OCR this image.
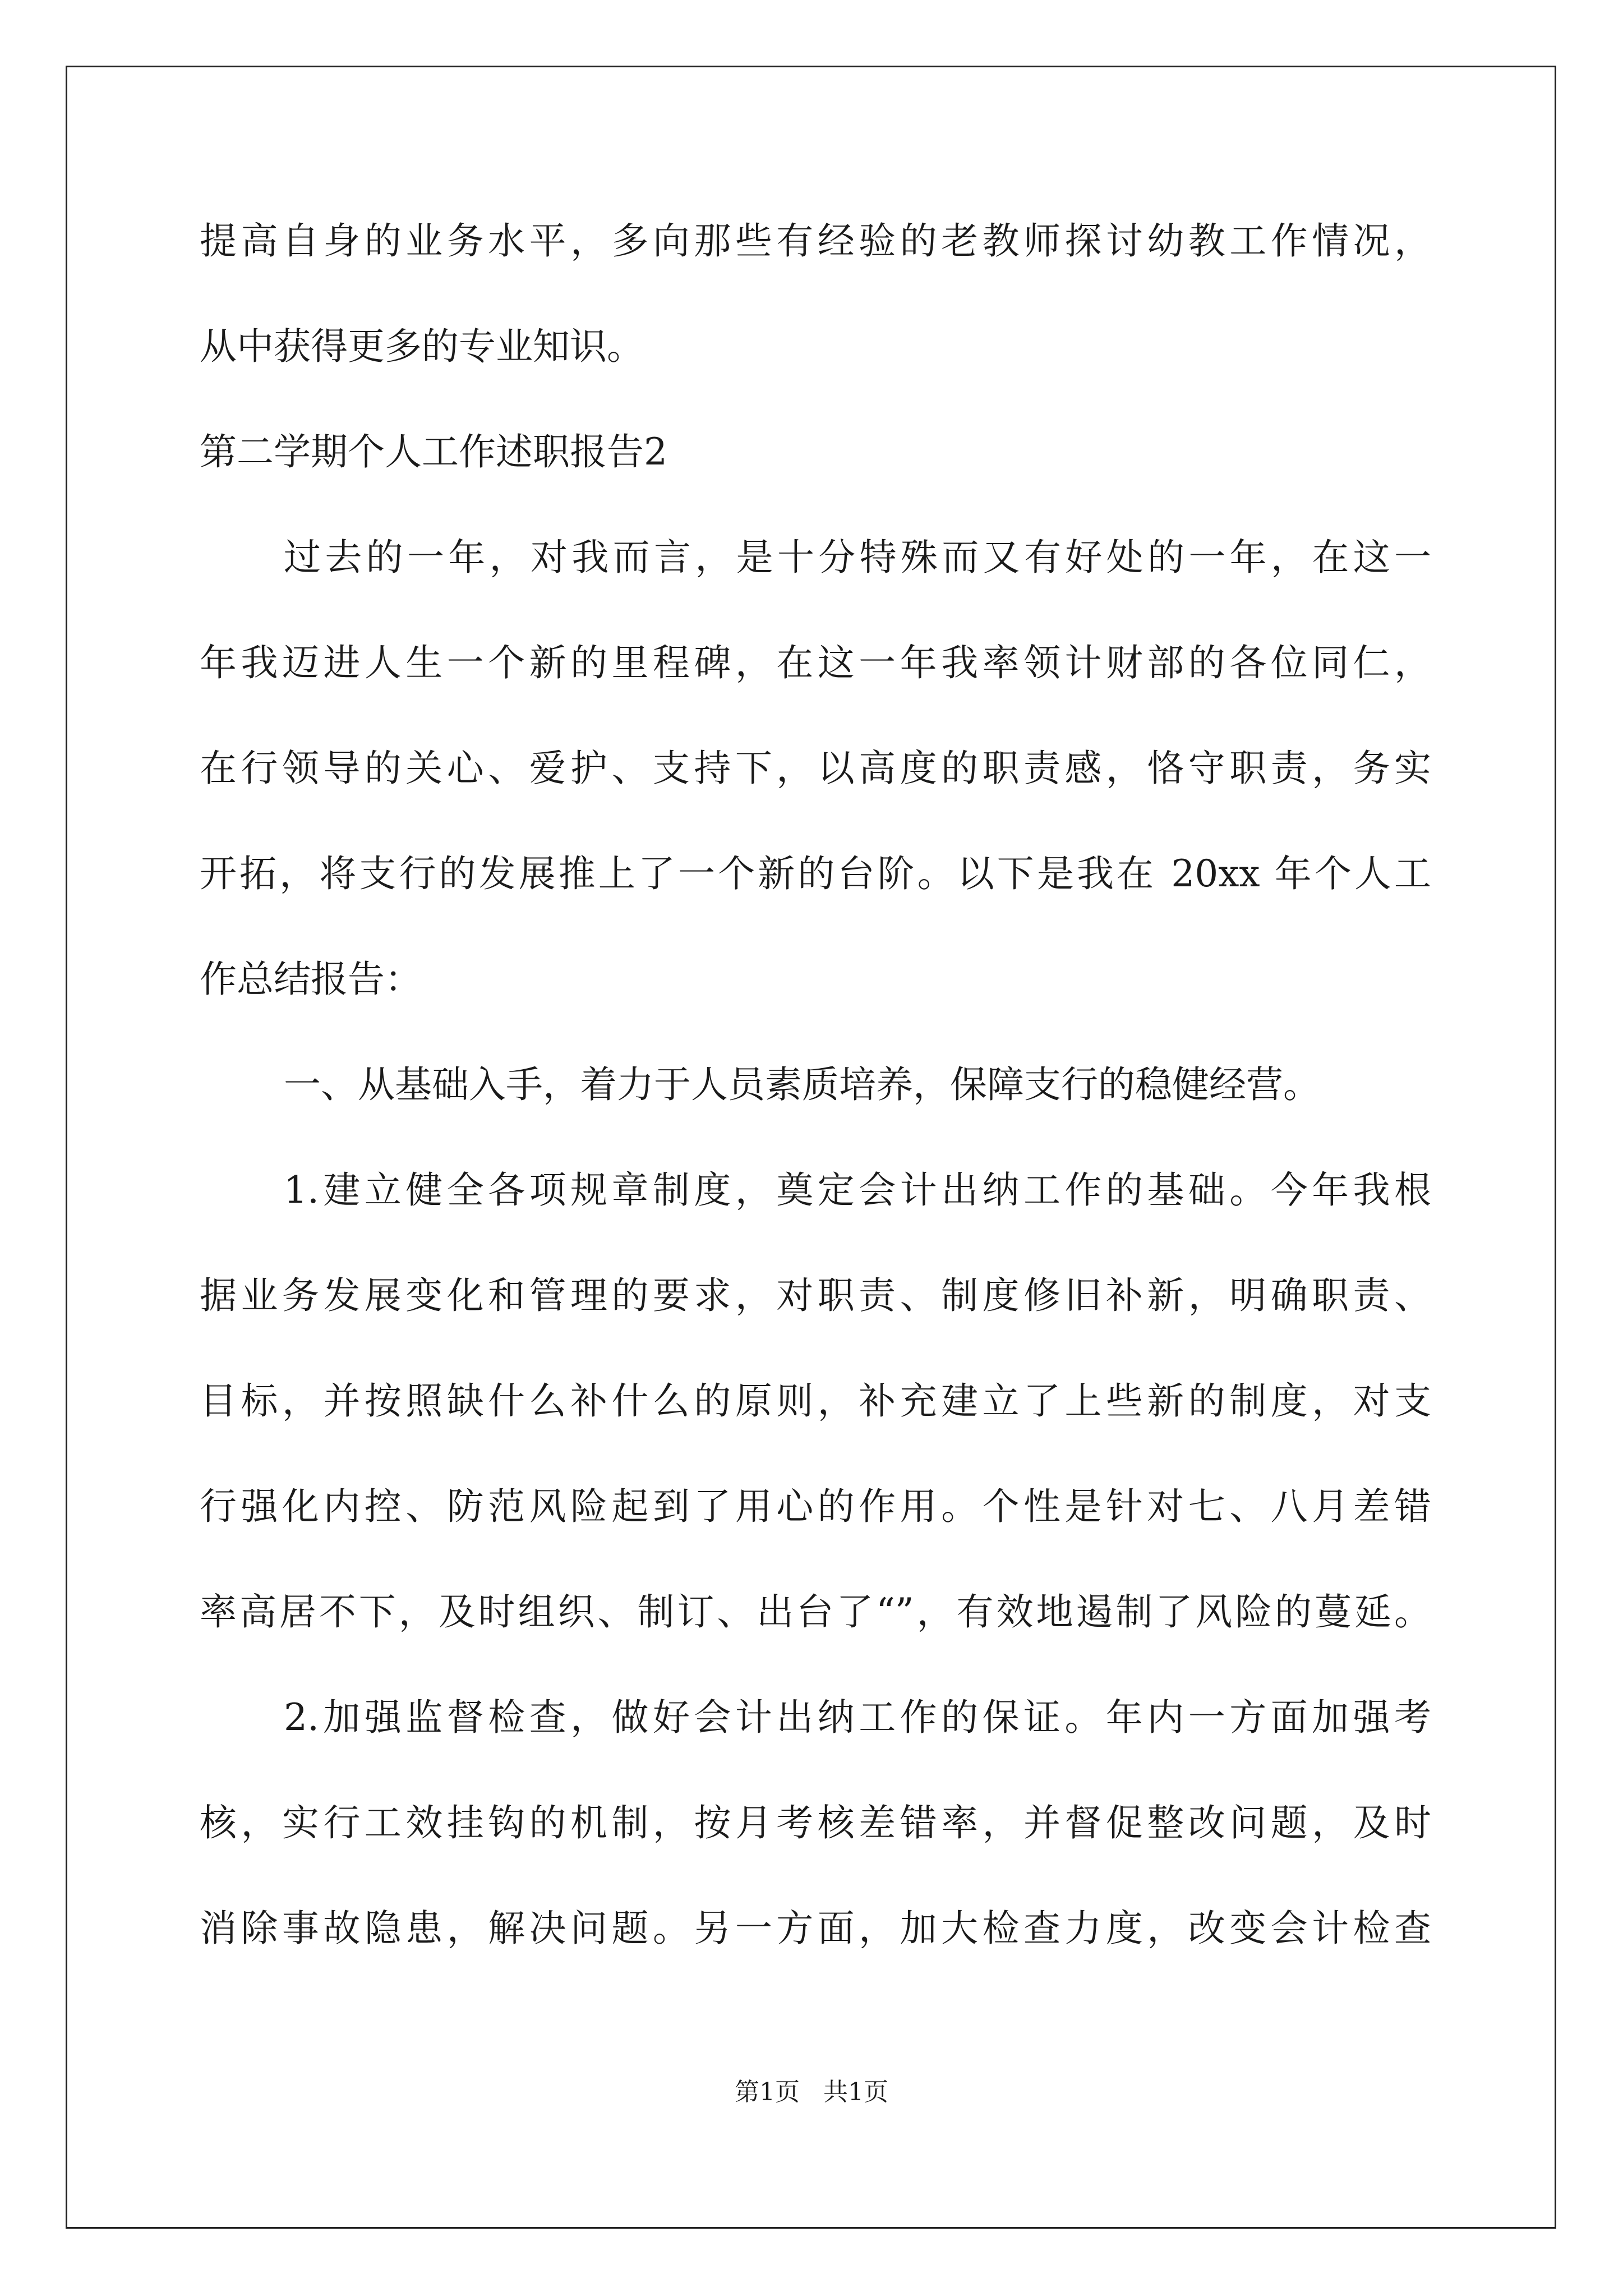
提高自身的业务水平，多向那些有经验的老教师探讨幼教工作情况，
从中获得更多的专业知识。
第二学期个人工作述职报告2
过去的一年，对我而言，是十分特殊而又有好处的一年，在这一
年我迈进人生一个新的里程碑，在这一年我率领计财部的各位同仁，
在行领导的关心、爱护、支持下，以高度的职责感，恪守职责，务实
开拓，将支行的发展推上了一个新的台阶。以下是我在 20xx 年个人工
作总结报告：
一、从基础入手，着力于人员素质培养，保障支行的稳健经营。
1.建立健全各项规章制度，奠定会计出纳工作的基础。今年我根
据业务发展变化和管理的要求，对职责、制度修旧补新，明确职责、
目标，并按照缺什么补什么的原则，补充建立了上些新的制度，对支
行强化内控、防范风险起到了用心的作用。个性是针对七、八月差错
率高居不下，及时组织、制订、出台了“”，有效地遏制了风险的蔓延。
2.加强监督检查，做好会计出纳工作的保证。年内一方面加强考
核，实行工效挂钩的机制，按月考核差错率，并督促整改问题，及时
消除事故隐患，解决问题。另一方面，加大检查力度，改变会计检查
第1页 共1页
